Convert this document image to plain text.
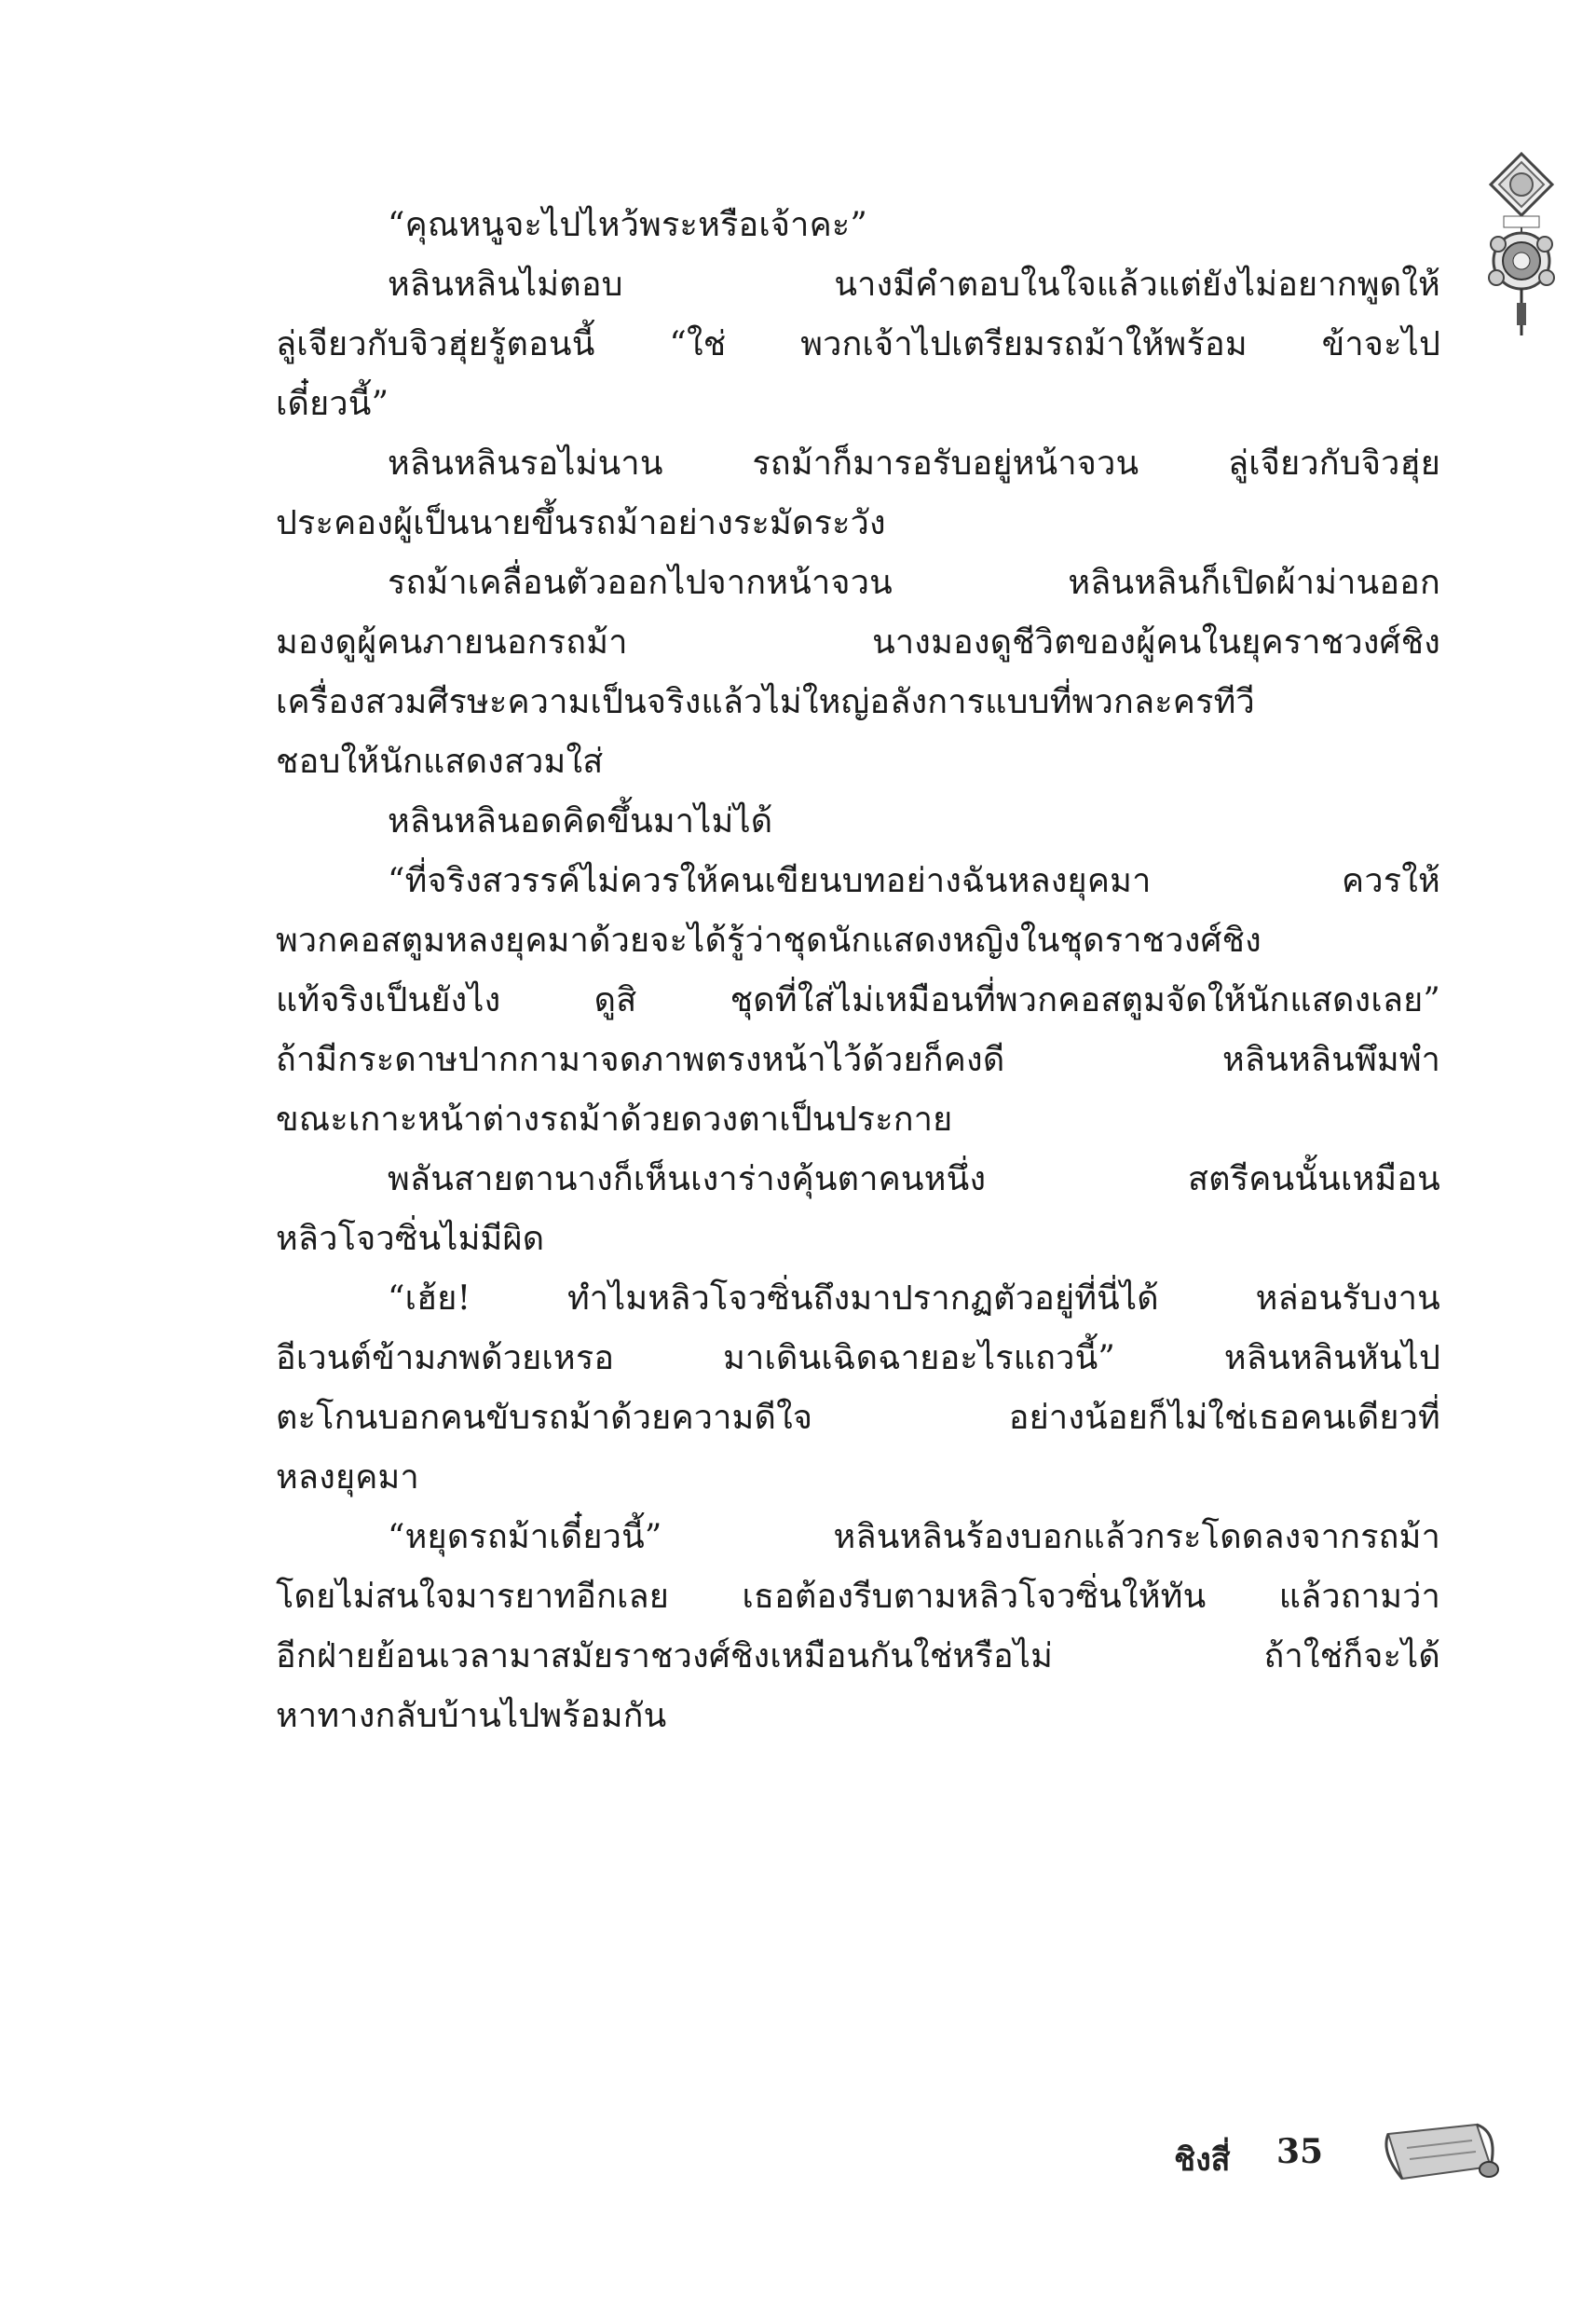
“คุณหนูจะไปไหว้พระหรือเจ้าคะ”
หลินหลินไม่ตอบ นางมีคำตอบในใจแล้วแต่ยังไม่อยากพูดให้
ลู่เจียวกับจิวฮุ่ยรู้ตอนนี้ “ใช่ พวกเจ้าไปเตรียมรถม้าให้พร้อม ข้าจะไป
เดี๋ยวนี้”
หลินหลินรอไม่นาน รถม้าก็มารอรับอยู่หน้าจวน ลู่เจียวกับจิวฮุ่ย
ประคองผู้เป็นนายขึ้นรถม้าอย่างระมัดระวัง
รถม้าเคลื่อนตัวออกไปจากหน้าจวน หลินหลินก็เปิดผ้าม่านออก
มองดูผู้คนภายนอกรถม้า นางมองดูชีวิตของผู้คนในยุคราชวงศ์ชิง
เครื่องสวมศีรษะความเป็นจริงแล้วไม่ใหญ่อลังการแบบที่พวกละครทีวี
ชอบให้นักแสดงสวมใส่
หลินหลินอดคิดขึ้นมาไม่ได้
“ที่จริงสวรรค์ไม่ควรให้คนเขียนบทอย่างฉันหลงยุคมา ควรให้
พวกคอสตูมหลงยุคมาด้วยจะได้รู้ว่าชุดนักแสดงหญิงในชุดราชวงศ์ชิง
แท้จริงเป็นยังไง ดูสิ ชุดที่ใส่ไม่เหมือนที่พวกคอสตูมจัดให้นักแสดงเลย”
ถ้ามีกระดาษปากกามาจดภาพตรงหน้าไว้ด้วยก็คงดี หลินหลินพึมพำ
ขณะเกาะหน้าต่างรถม้าด้วยดวงตาเป็นประกาย
พลันสายตานางก็เห็นเงาร่างคุ้นตาคนหนึ่ง สตรีคนนั้นเหมือน
หลิวโจวซิ่นไม่มีผิด
“เฮ้ย! ทำไมหลิวโจวซิ่นถึงมาปรากฏตัวอยู่ที่นี่ได้ หล่อนรับงาน
อีเวนต์ข้ามภพด้วยเหรอ มาเดินเฉิดฉายอะไรแถวนี้” หลินหลินหันไป
ตะโกนบอกคนขับรถม้าด้วยความดีใจ อย่างน้อยก็ไม่ใช่เธอคนเดียวที่
หลงยุคมา
“หยุดรถม้าเดี๋ยวนี้” หลินหลินร้องบอกแล้วกระโดดลงจากรถม้า
โดยไม่สนใจมารยาทอีกเลย เธอต้องรีบตามหลิวโจวซิ่นให้ทัน แล้วถามว่า
อีกฝ่ายย้อนเวลามาสมัยราชวงศ์ชิงเหมือนกันใช่หรือไม่ ถ้าใช่ก็จะได้
หาทางกลับบ้านไปพร้อมกัน
ชิงสี่ 35
